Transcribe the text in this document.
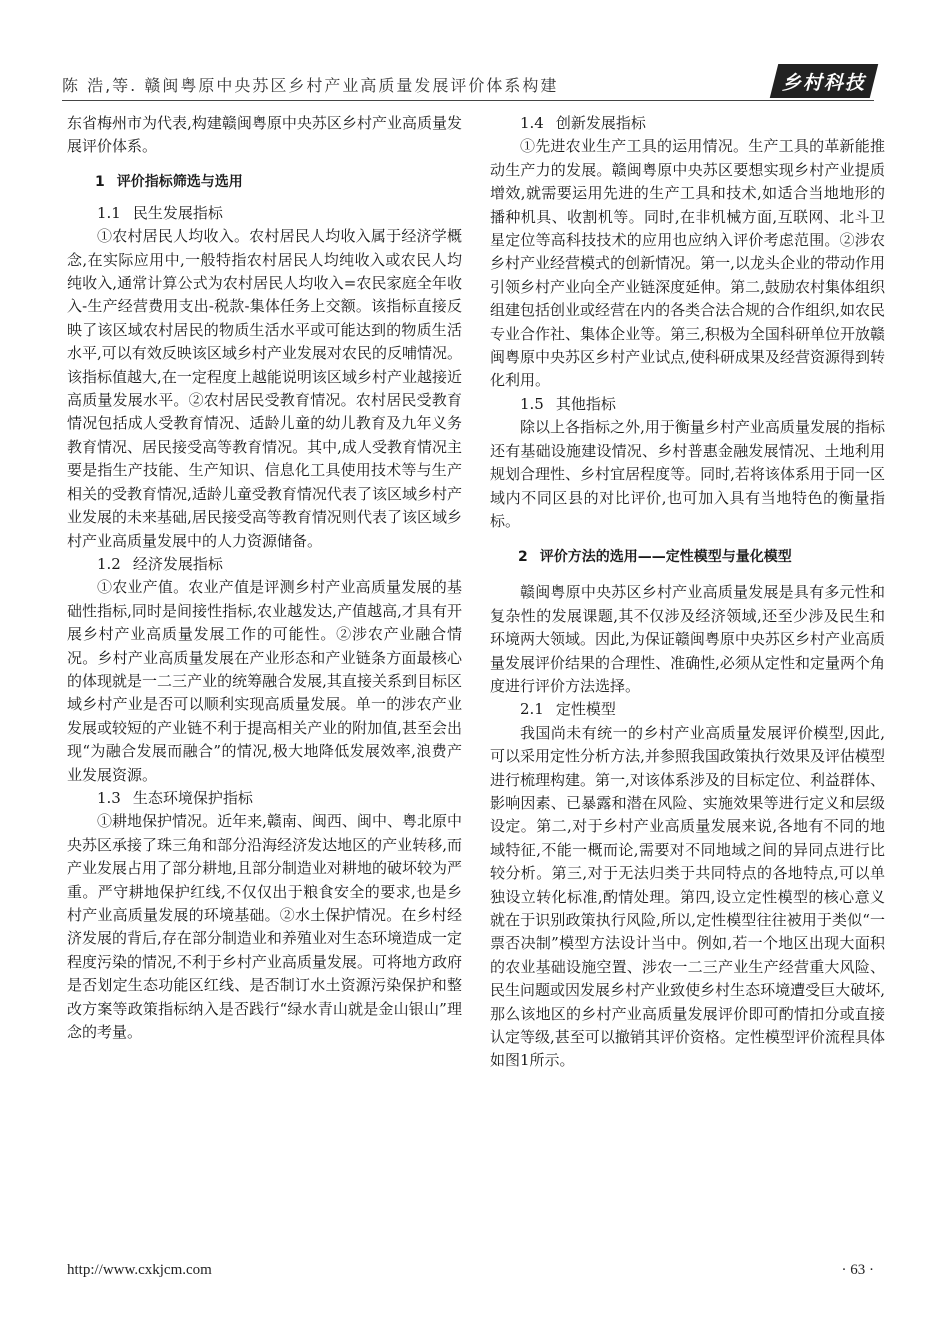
陈 浩,等. 赣闽粤原中央苏区乡村产业高质量发展评价体系构建	乡村科技

东省梅州市为代表,构建赣闽粤原中央苏区乡村产业高质量发展评价体系。

1 评价指标筛选与选用
1.1 民生发展指标

①农村居民人均收入。农村居民人均收入属于经济学概念,在实际应用中,一般特指农村居民人均纯收入或农民人均纯收入,通常计算公式为农村居民人均收入=农民家庭全年收入-生产经营费用支出-税款-集体任务上交额。该指标直接反映了该区域农村居民的物质生活水平或可能达到的物质生活水平,可以有效反映该区域乡村产业发展对农民的反哺情况。该指标值越大,在一定程度上越能说明该区域乡村产业越接近高质量发展水平。②农村居民受教育情况。农村居民受教育情况包括成人受教育情况、适龄儿童的幼儿教育及九年义务教育情况、居民接受高等教育情况。其中,成人受教育情况主要是指生产技能、生产知识、信息化工具使用技术等与生产相关的受教育情况,适龄儿童受教育情况代表了该区域乡村产业发展的未来基础,居民接受高等教育情况则代表了该区域乡村产业高质量发展中的人力资源储备。

1.2 经济发展指标

①农业产值。农业产值是评测乡村产业高质量发展的基础性指标,同时是间接性指标,农业越发达,产值越高,才具有开展乡村产业高质量发展工作的可能性。②涉农产业融合情况。乡村产业高质量发展在产业形态和产业链条方面最核心的体现就是一二三产业的统筹融合发展,其直接关系到目标区域乡村产业是否可以顺利实现高质量发展。单一的涉农产业发展或较短的产业链不利于提高相关产业的附加值,甚至会出现“为融合发展而融合”的情况,极大地降低发展效率,浪费产业发展资源。

1.3 生态环境保护指标

①耕地保护情况。近年来,赣南、闽西、闽中、粤北原中央苏区承接了珠三角和部分沿海经济发达地区的产业转移,而产业发展占用了部分耕地,且部分制造业对耕地的破坏较为严重。严守耕地保护红线,不仅仅出于粮食安全的要求,也是乡村产业高质量发展的环境基础。②水土保护情况。在乡村经济发展的背后,存在部分制造业和养殖业对生态环境造成一定程度污染的情况,不利于乡村产业高质量发展。可将地方政府是否划定生态功能区红线、是否制订水土资源污染保护和整改方案等政策指标纳入是否践行“绿水青山就是金山银山”理念的考量。

1.4 创新发展指标

①先进农业生产工具的运用情况。生产工具的革新能推动生产力的发展。赣闽粤原中央苏区要想实现乡村产业提质增效,就需要运用先进的生产工具和技术,如适合当地地形的播种机具、收割机等。同时,在非机械方面,互联网、北斗卫星定位等高科技技术的应用也应纳入评价考虑范围。②涉农乡村产业经营模式的创新情况。第一,以龙头企业的带动作用引领乡村产业向全产业链深度延伸。第二,鼓励农村集体组织组建包括创业或经营在内的各类合法合规的合作组织,如农民专业合作社、集体企业等。第三,积极为全国科研单位开放赣闽粤原中央苏区乡村产业试点,使科研成果及经营资源得到转化利用。

1.5 其他指标

除以上各指标之外,用于衡量乡村产业高质量发展的指标还有基础设施建设情况、乡村普惠金融发展情况、土地利用规划合理性、乡村宜居程度等。同时,若将该体系用于同一区域内不同区县的对比评价,也可加入具有当地特色的衡量指标。

2 评价方法的选用——定性模型与量化模型

赣闽粤原中央苏区乡村产业高质量发展是具有多元性和复杂性的发展课题,其不仅涉及经济领域,还至少涉及民生和环境两大领域。因此,为保证赣闽粤原中央苏区乡村产业高质量发展评价结果的合理性、准确性,必须从定性和定量两个角度进行评价方法选择。

2.1 定性模型

我国尚未有统一的乡村产业高质量发展评价模型,因此,可以采用定性分析方法,并参照我国政策执行效果及评估模型进行梳理构建。第一,对该体系涉及的目标定位、利益群体、影响因素、已暴露和潜在风险、实施效果等进行定义和层级设定。第二,对于乡村产业高质量发展来说,各地有不同的地域特征,不能一概而论,需要对不同地域之间的异同点进行比较分析。第三,对于无法归类于共同特点的各地特点,可以单独设立转化标准,酌情处理。第四,设立定性模型的核心意义就在于识别政策执行风险,所以,定性模型往往被用于类似“一票否决制”模型方法设计当中。例如,若一个地区出现大面积的农业基础设施空置、涉农一二三产业生产经营重大风险、民生问题或因发展乡村产业致使乡村生态环境遭受巨大破坏,那么该地区的乡村产业高质量发展评价即可酌情扣分或直接认定等级,甚至可以撤销其评价资格。定性模型评价流程具体如图1所示。

http://www.cxkjcm.com	· 63 ·
